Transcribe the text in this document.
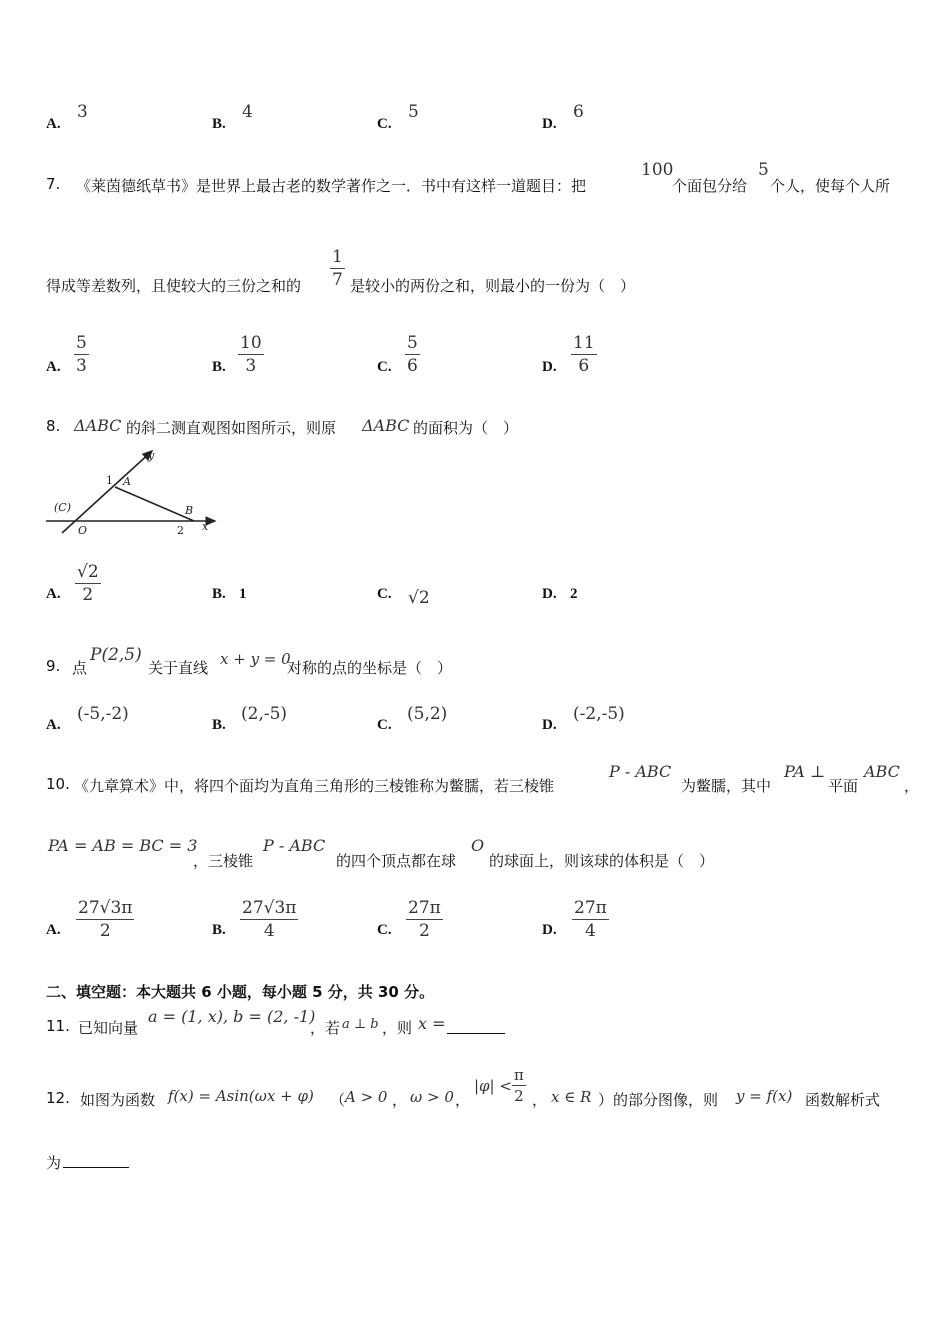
A.
3
B.
4
C.
5
D.
6
7. 《莱茵德纸草书》是世界上最古老的数学著作之一．书中有这样一道题目：把
100
个面包分给
5
个人，使每个人所
得成等差数列，且使较大的三份之和的 $\frac{1}{7}$ 是较小的两份之和，则最小的一份为（　）
A. $\frac{5}{3}$	B. $\frac{10}{3}$	C. $\frac{5}{6}$	D. $\frac{11}{6}$
8. ΔABC 的斜二测直观图如图所示，则原 ΔABC 的面积为（　）
y
1 A
(C)
O
B
2 x
A. $\frac{√2}{2}$	B. 1	C. √2	D. 2
9. 点
P(2,5)
关于直线 x + y = 0
对称的点的坐标是（　）
A.
(-5,-2)
B.
(2,-5)
C.
(5,2)
D.
(-2,-5)
10. 《九章算术》中，将四个面均为直角三角形的三棱锥称为鳖臑，若三棱锥
P - ABC
为鳖臑，其中
PA ⊥
平面
ABC
，
PA = AB = BC = 3
，三棱锥
P - ABC
的四个顶点都在球
O
的球面上，则该球的体积是（　）
A. $\frac{27√3\pi}{2}$	B. $\frac{27√3\pi}{4}$	C. $\frac{27\pi}{2}$	D. $\frac{27\pi}{4}$
二、填空题：本大题共 6 小题，每小题 5 分，共 30 分。
11. 已知向量
a = (1, x), b = (2, -1)
，若 a ⊥ b ，则 x =
12. 如图为函数 f(x) = Asin(ωx + φ) （ A > 0 ， ω > 0 ，
$|\varphi| < \frac{\pi}{2}$ ， x ∈ R ）的部分图像，则 y = f(x) 函数解析式
为
